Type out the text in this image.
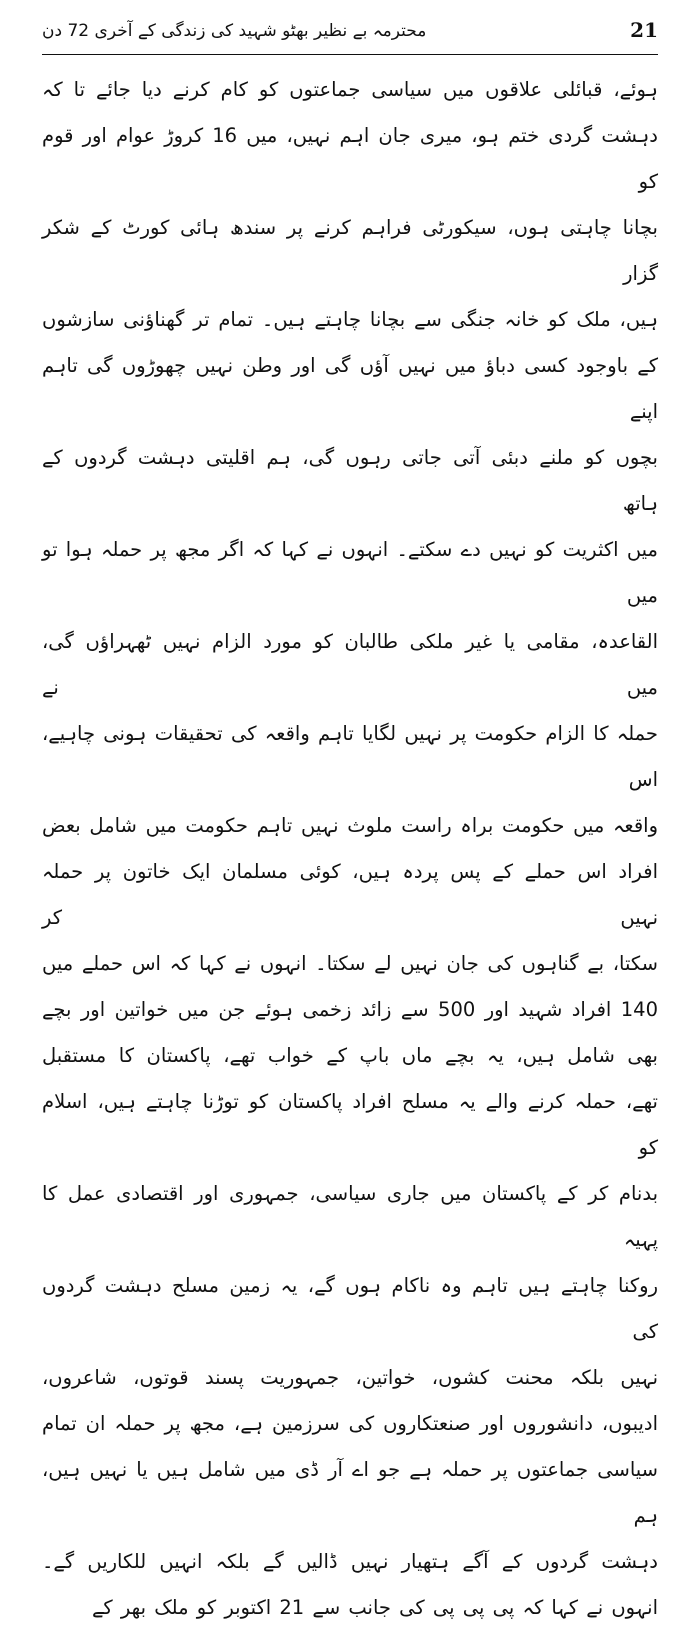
محترمہ بے نظیر بھٹو شہید کی زندگی کے آخری 72 دن	21

ہوئے، قبائلی علاقوں میں سیاسی جماعتوں کو کام کرنے دیا جائے تا کہ

دہشت گردی ختم ہو، میری جان اہم نہیں، میں 16 کروڑ عوام اور قوم کو

بچانا چاہتی ہوں، سیکورٹی فراہم کرنے پر سندھ ہائی کورٹ کے شکر گزار

ہیں، ملک کو خانہ جنگی سے بچانا چاہتے ہیں۔ تمام تر گھناؤنی سازشوں

کے باوجود کسی دباؤ میں نہیں آؤں گی اور وطن نہیں چھوڑوں گی تاہم اپنے

بچوں کو ملنے دبئی آتی جاتی رہوں گی، ہم اقلیتی دہشت گردوں کے ہاتھ

میں اکثریت کو نہیں دے سکتے۔ انہوں نے کہا کہ اگر مجھ پر حملہ ہوا تو میں

القاعدہ، مقامی یا غیر ملکی طالبان کو مورد الزام نہیں ٹھہراؤں گی، میں نے

حملہ کا الزام حکومت پر نہیں لگایا تاہم واقعہ کی تحقیقات ہونی چاہیے، اس

واقعہ میں حکومت براہ راست ملوث نہیں تاہم حکومت میں شامل بعض

افراد اس حملے کے پس پردہ ہیں، کوئی مسلمان ایک خاتون پر حملہ نہیں کر

سکتا، بے گناہوں کی جان نہیں لے سکتا۔ انہوں نے کہا کہ اس حملے میں

140 افراد شہید اور 500 سے زائد زخمی ہوئے جن میں خواتین اور بچے

بھی شامل ہیں، یہ بچے ماں باپ کے خواب تھے، پاکستان کا مستقبل

تھے، حملہ کرنے والے یہ مسلح افراد پاکستان کو توڑنا چاہتے ہیں، اسلام کو

بدنام کر کے پاکستان میں جاری سیاسی، جمہوری اور اقتصادی عمل کا پہیہ

روکنا چاہتے ہیں تاہم وہ ناکام ہوں گے، یہ زمین مسلح دہشت گردوں کی

نہیں بلکہ محنت کشوں، خواتین، جمہوریت پسند قوتوں، شاعروں،

ادیبوں، دانشوروں اور صنعتکاروں کی سرزمین ہے، مجھ پر حملہ ان تمام

سیاسی جماعتوں پر حملہ ہے جو اے آر ڈی میں شامل ہیں یا نہیں ہیں، ہم

دہشت گردوں کے آگے ہتھیار نہیں ڈالیں گے بلکہ انہیں للکاریں گے۔

انہوں نے کہا کہ پی پی پی کی جانب سے 21 اکتوبر کو ملک بھر کے
